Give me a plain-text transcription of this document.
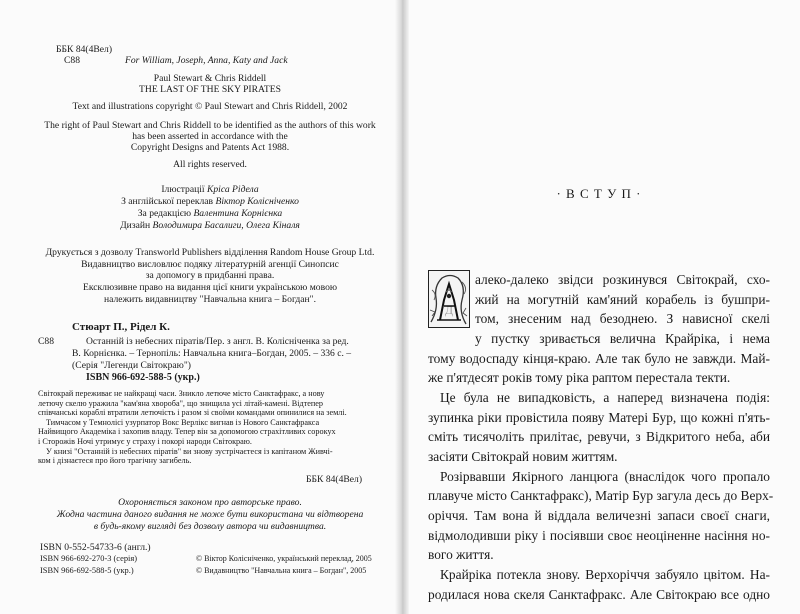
ББК 84(4Вел)
С88	For William, Joseph, Anna, Katy and Jack
Paul Stewart & Chris Riddell
THE LAST OF THE SKY PIRATES
Text and illustrations copyright © Paul Stewart and Chris Riddell, 2002
The right of Paul Stewart and Chris Riddell to be identified as the authors of this work
has been asserted in accordance with the
Copyright Designs and Patents Act 1988.
All rights reserved.
Ілюстрації Кріса Рідела
З англійської переклав Віктор Колісніченко
За редакцією Валентина Корнієнка
Дизайн Володимира Басалиги, Олега Кіналя
Друкується з дозволу Transworld Publishers відділення Random House Group Ltd.
Видавництво висловлює подяку літературній агенції Синопсис
за допомогу в придбанні права.
Ексклюзивне право на видання цієї книги українською мовою
належить видавництву "Навчальна книга – Богдан".
С88
Стюарт П., Рідел К.
Останній із небесних піратів/Пер. з англ. В. Колісніченка за ред.
В. Корнієнка. – Тернопіль: Навчальна книга–Богдан, 2005. – 336 с. –
(Серія "Легенди Світокраю")
ISBN 966-692-588-5 (укр.)

Світокрай переживає не найкращі часи. Зникло летюче місто Санктафракс, а нову

летючу скелю уражила "кам'яна хвороба", що знищила усі літай-камені. Відтепер

співчанські кораблі втратили летючість і разом зі своїми командами опинилися на землі.

Тимчасом у Темнолісі узурпатор Вокс Верлікс вигнав із Нового Санктафракса

Найвищого Академіка і захопив владу. Тепер він за допомогою страхітливих сорокух

і Сторожів Ночі утримує у страху і покорі народи Світокраю.

У книзі "Останній із небесних піратів" ви знову зустрічаєтеся із капітаном Живчі-

ком і дізнаєтеся про його трагічну загибель.

ББК 84(4Вел)
Охороняється законом про авторське право.
Жодна частина даного видання не може бути використана чи відтворена
в будь-якому вигляді без дозволу автора чи видавництва.
ISBN 0-552-54733-6 (англ.)
ISBN 966-692-270-3 (серія)
ISBN 966-692-588-5 (укр.)
© Віктор Колісніченко, український переклад, 2005
© Видавництво "Навчальна книга – Богдан", 2005
· В С Т У П ·
Д
алеко-далеко звідси розкинувся Світокрай, схо-
жий на могутній кам'яний корабель із бушпри-
том, знесеним над безоднею. З нависної скелі
у пустку зривається велична Крайріка, і нема
тому водоспаду кінця-краю. Але так було не завжди. Май-
же п'ятдесят років тому ріка раптом перестала текти.
Це була не випадковість, а наперед визначена подія:
зупинка ріки провістила появу Матері Бур, що кожні п'ять-
сміть тисячоліть прилітає, ревучи, з Відкритого неба, аби
засіяти Світокрай новим життям.
Розірвавши Якірного ланцюга (внаслідок чого пропало
плавуче місто Санктафракс), Матір Бур загула десь до Верх-
оріччя. Там вона й віддала величезні запаси своєї снаги,
відмолодивши ріку і посіявши своє неоціненне насіння но-
вого життя.
Крайріка потекла знову. Верхоріччя забуяло цвітом. На-
родилася нова скеля Санктафракс. Але Світокраю все одно
